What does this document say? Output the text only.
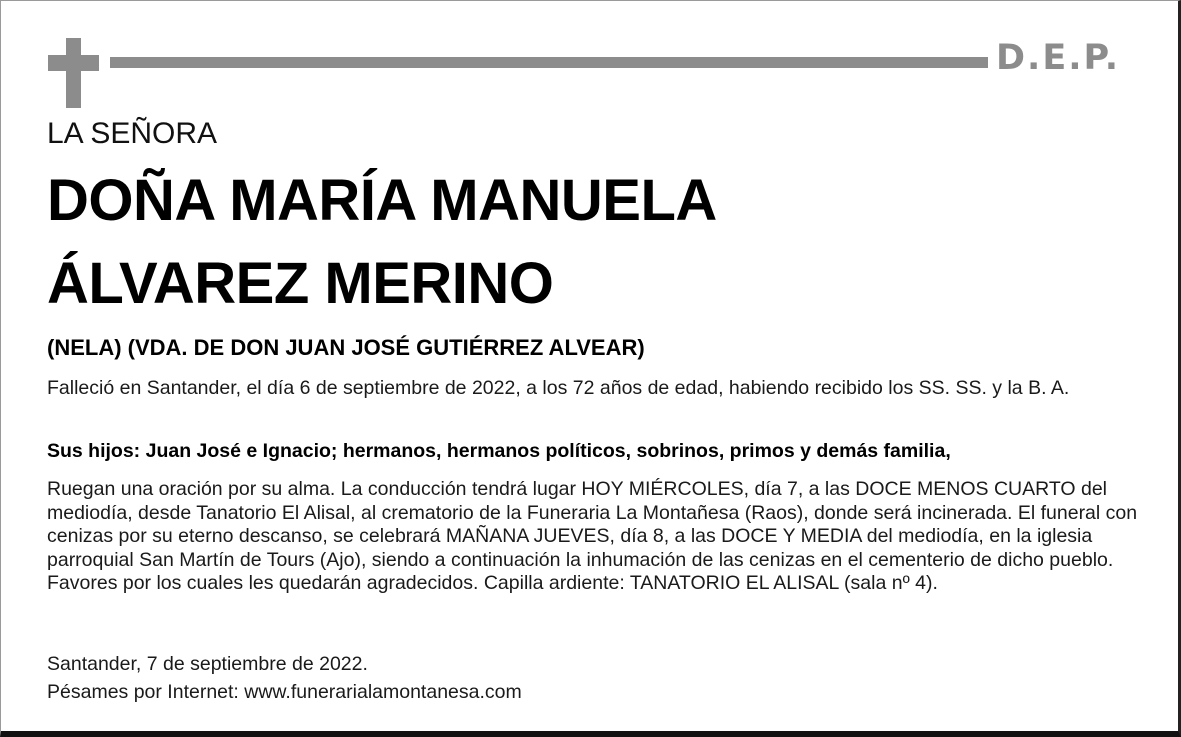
D.E.P.
LA SEÑORA
DOÑA MARÍA MANUELA
ÁLVAREZ MERINO
(NELA) (VDA. DE DON JUAN JOSÉ GUTIÉRREZ ALVEAR)
Falleció en Santander, el día 6 de septiembre de 2022, a los 72 años de edad, habiendo recibido los SS. SS. y la B. A.
Sus hijos: Juan José e Ignacio; hermanos, hermanos políticos, sobrinos, primos y demás familia,
Ruegan una oración por su alma. La conducción tendrá lugar HOY MIÉRCOLES, día 7, a las DOCE MENOS CUARTO del mediodía, desde Tanatorio El Alisal, al crematorio de la Funeraria La Montañesa (Raos), donde será incinerada. El funeral con cenizas por su eterno descanso, se celebrará MAÑANA JUEVES, día 8, a las DOCE Y MEDIA del mediodía, en la iglesia parroquial San Martín de Tours (Ajo), siendo a continuación la inhumación de las cenizas en el cementerio de dicho pueblo. Favores por los cuales les quedarán agradecidos. Capilla ardiente: TANATORIO EL ALISAL (sala nº 4).
Santander, 7 de septiembre de 2022.
Pésames por Internet: www.funerarialamontanesa.com
